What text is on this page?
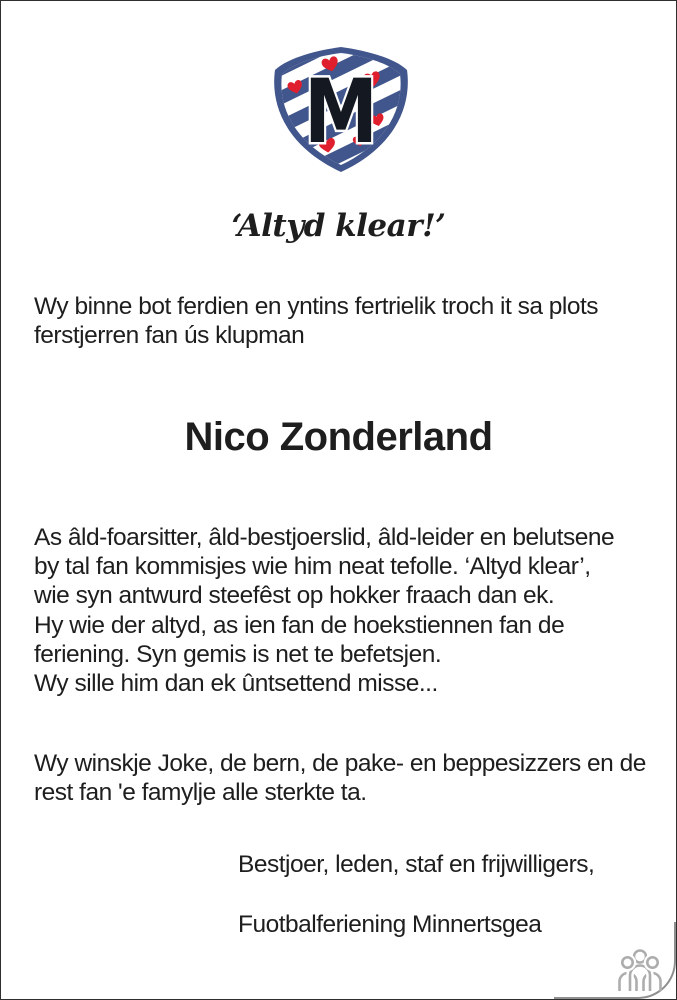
M
‘Altyd klear!’
Wy binne bot ferdien en yntins fertrielik troch it sa plots
ferstjerren fan ús klupman
Nico Zonderland
As âld-foarsitter, âld-bestjoerslid, âld-leider en belutsene
by tal fan kommisjes wie him neat tefolle. ‘Altyd klear’,
wie syn antwurd steefêst op hokker fraach dan ek.
Hy wie der altyd, as ien fan de hoekstiennen fan de
feriening. Syn gemis is net te befetsjen.
Wy sille him dan ek ûntsettend misse...
Wy winskje Joke, de bern, de pake- en beppesizzers en de
rest fan 'e famylje alle sterkte ta.
Bestjoer, leden, staf en frijwilligers,
Fuotbalferiening Minnertsgea
